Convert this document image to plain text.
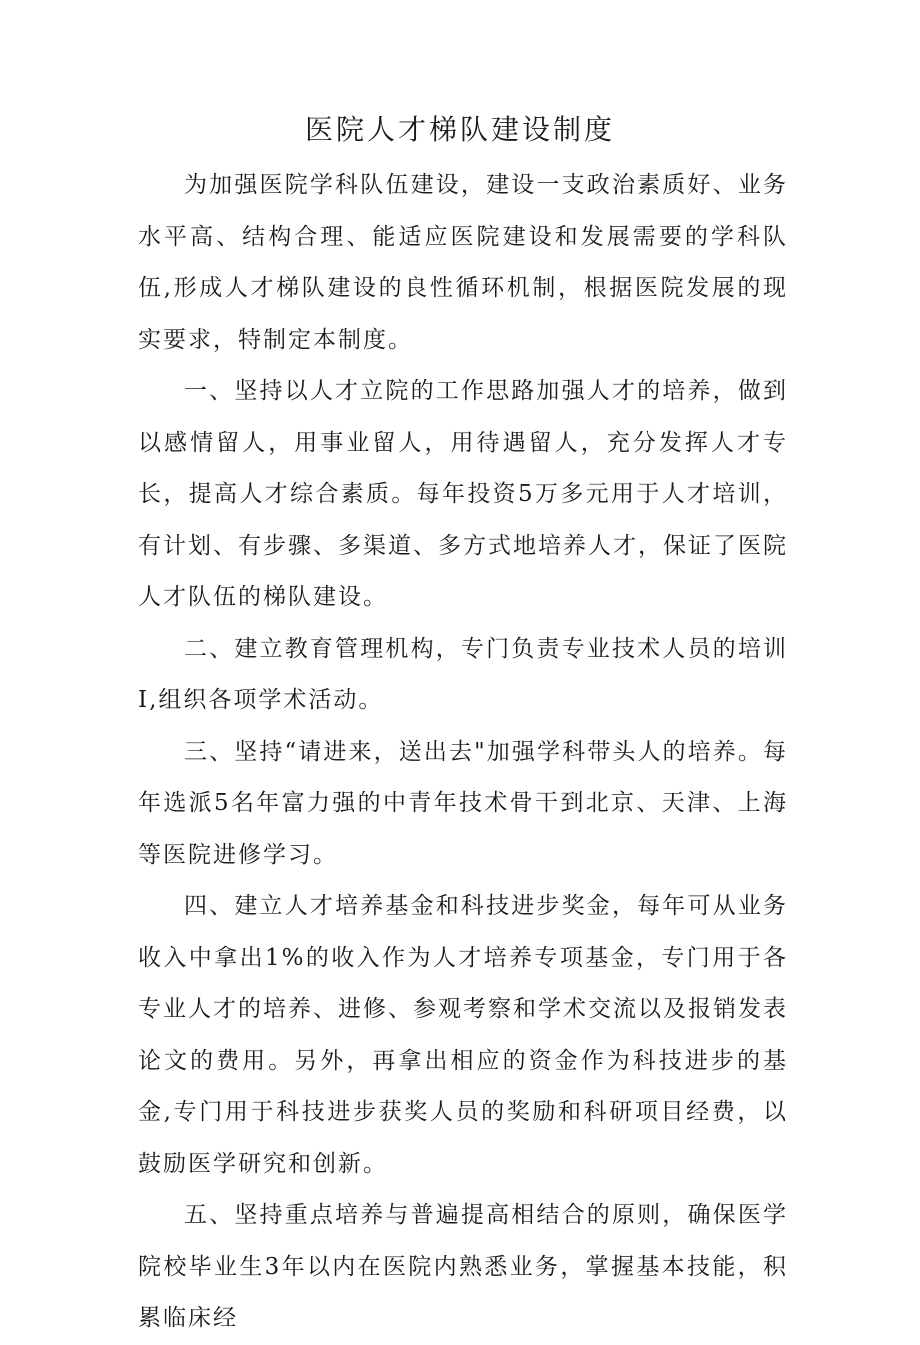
医院人才梯队建设制度

为加强医院学科队伍建设，建设一支政治素质好、业务水平高、结构合理、能适应医院建设和发展需要的学科队伍,形成人才梯队建设的良性循环机制，根据医院发展的现实要求，特制定本制度。

一、坚持以人才立院的工作思路加强人才的培养，做到以感情留人，用事业留人，用待遇留人，充分发挥人才专长，提高人才综合素质。每年投资5万多元用于人才培训，有计划、有步骤、多渠道、多方式地培养人才，保证了医院人才队伍的梯队建设。

二、建立教育管理机构，专门负责专业技术人员的培训I,组织各项学术活动。

三、坚持“请进来，送出去"加强学科带头人的培养。每年选派5名年富力强的中青年技术骨干到北京、天津、上海等医院进修学习。

四、建立人才培养基金和科技进步奖金，每年可从业务收入中拿出1%的收入作为人才培养专项基金，专门用于各专业人才的培养、进修、参观考察和学术交流以及报销发表论文的费用。另外，再拿出相应的资金作为科技进步的基金,专门用于科技进步获奖人员的奖励和科研项目经费，以鼓励医学研究和创新。

五、坚持重点培养与普遍提高相结合的原则，确保医学院校毕业生3年以内在医院内熟悉业务，掌握基本技能，积累临床经
